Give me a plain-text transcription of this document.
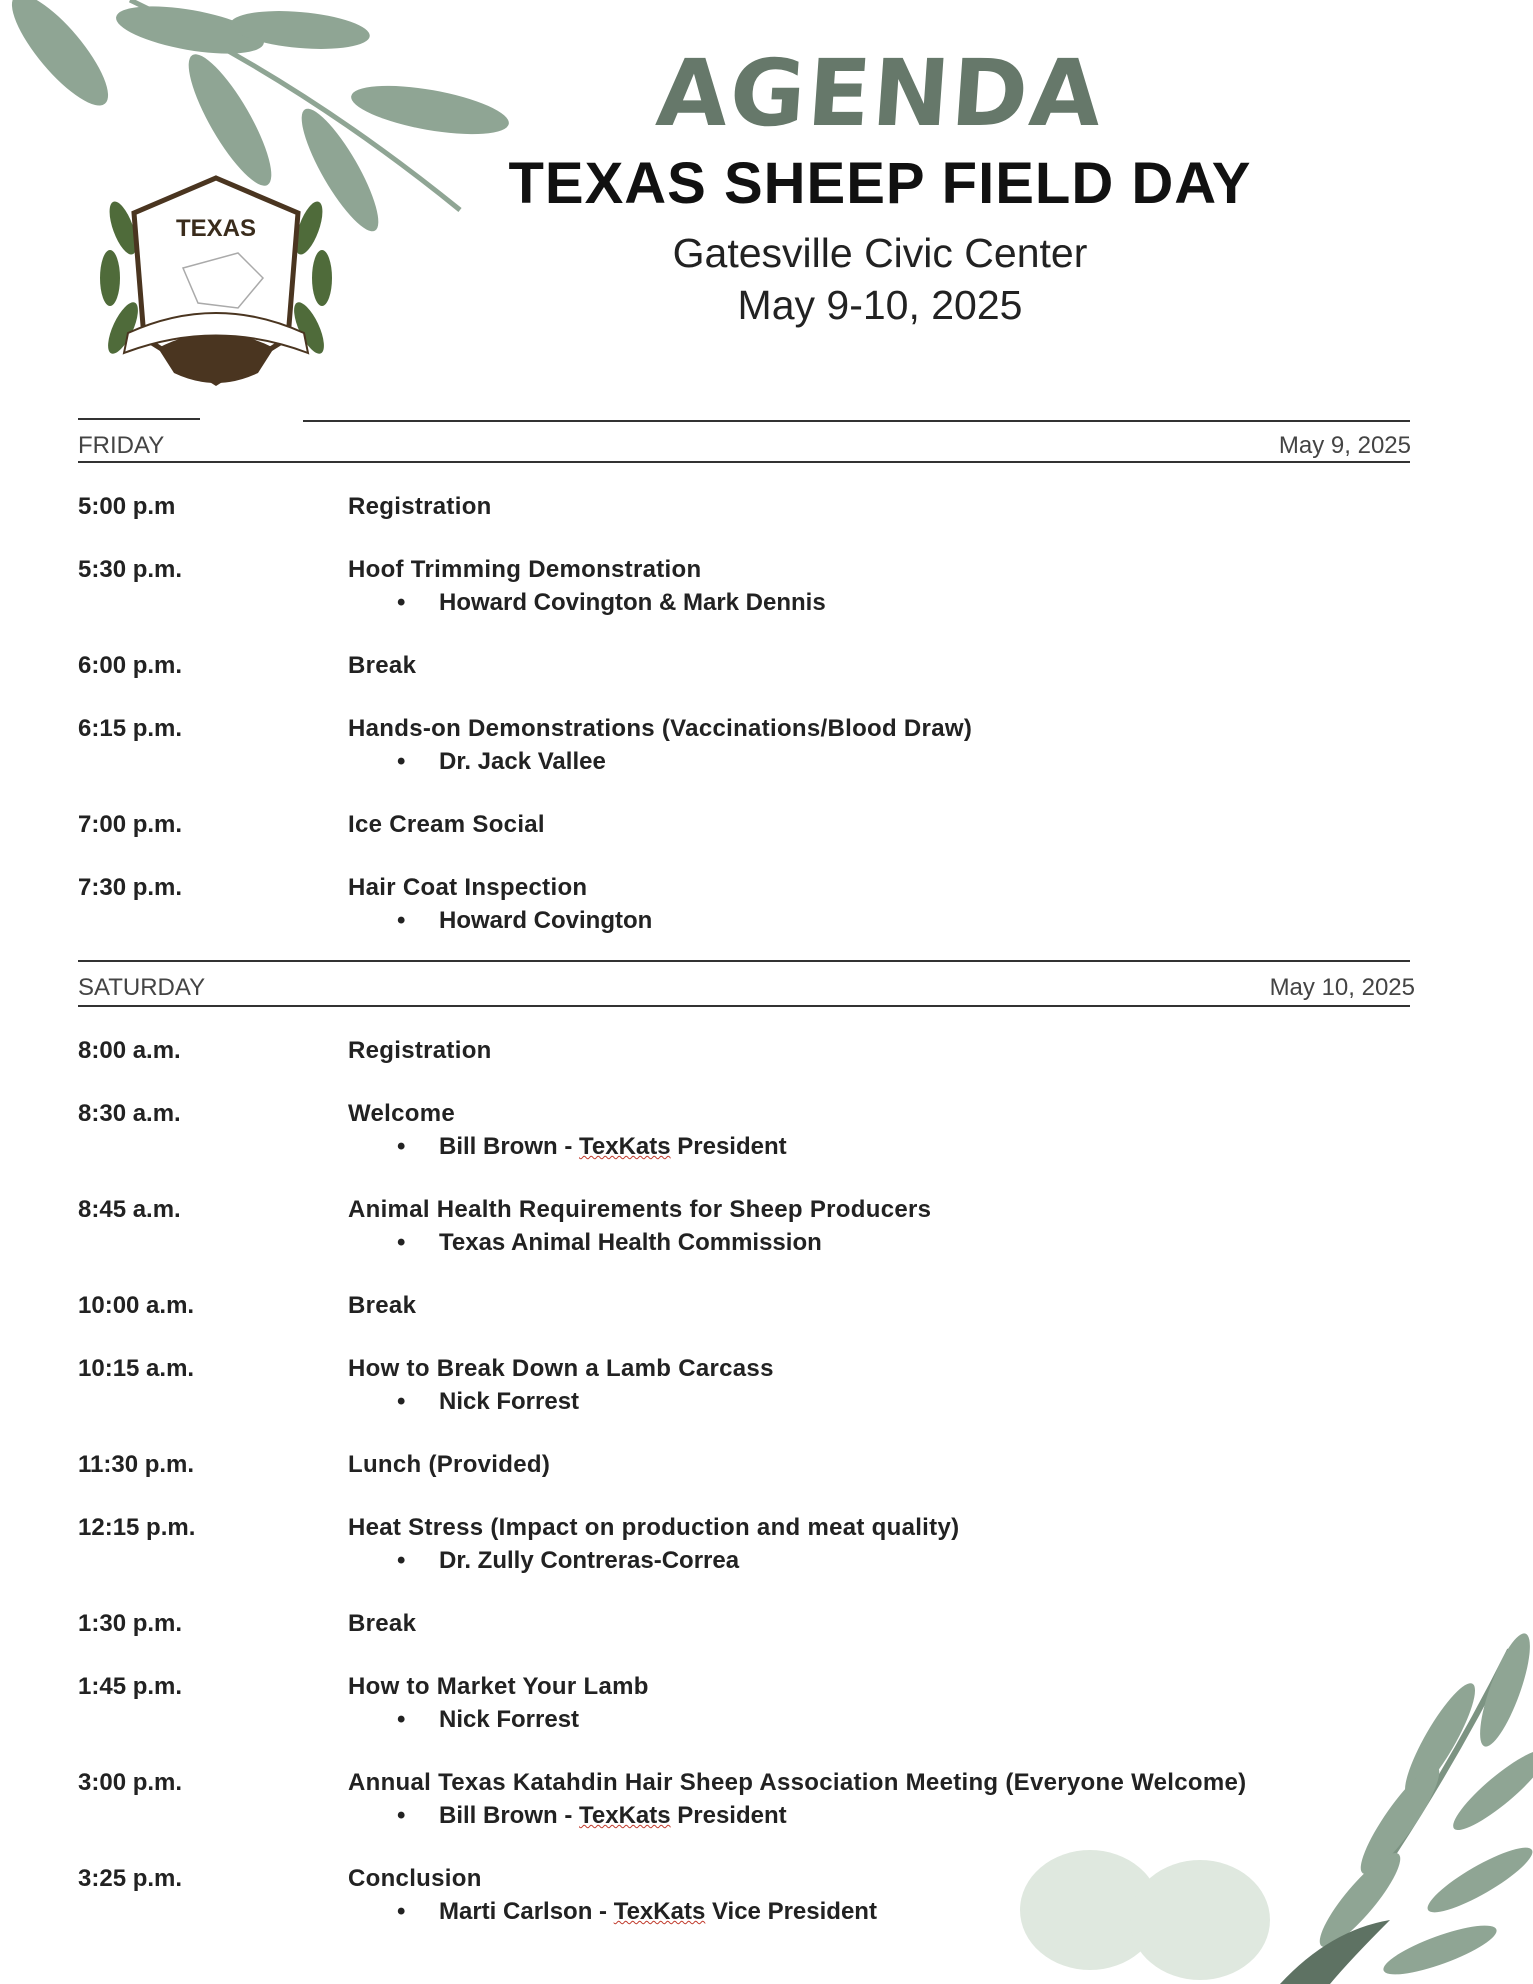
TEXAS
AGENDA
TEXAS SHEEP FIELD DAY
Gatesville Civic Center
May 9-10, 2025
FRIDAY	May 9, 2025
5:00 p.m	Registration
5:30 p.m.	Hoof Trimming Demonstration
• Howard Covington & Mark Dennis
6:00 p.m.	Break
6:15 p.m.	Hands-on Demonstrations (Vaccinations/Blood Draw)
• Dr. Jack Vallee
7:00 p.m.	Ice Cream Social
7:30 p.m.	Hair Coat Inspection
• Howard Covington
SATURDAY	May 10, 2025
8:00 a.m.	Registration
8:30 a.m.	Welcome
• Bill Brown - TexKats President
8:45 a.m.	Animal Health Requirements for Sheep Producers
• Texas Animal Health Commission
10:00 a.m.	Break
10:15 a.m.	How to Break Down a Lamb Carcass
• Nick Forrest
11:30 p.m.	Lunch (Provided)
12:15 p.m.	Heat Stress (Impact on production and meat quality)
• Dr. Zully Contreras-Correa
1:30 p.m.	Break
1:45 p.m.	How to Market Your Lamb
• Nick Forrest
3:00 p.m.	Annual Texas Katahdin Hair Sheep Association Meeting (Everyone Welcome)
• Bill Brown - TexKats President
3:25 p.m.	Conclusion
• Marti Carlson - TexKats Vice President
